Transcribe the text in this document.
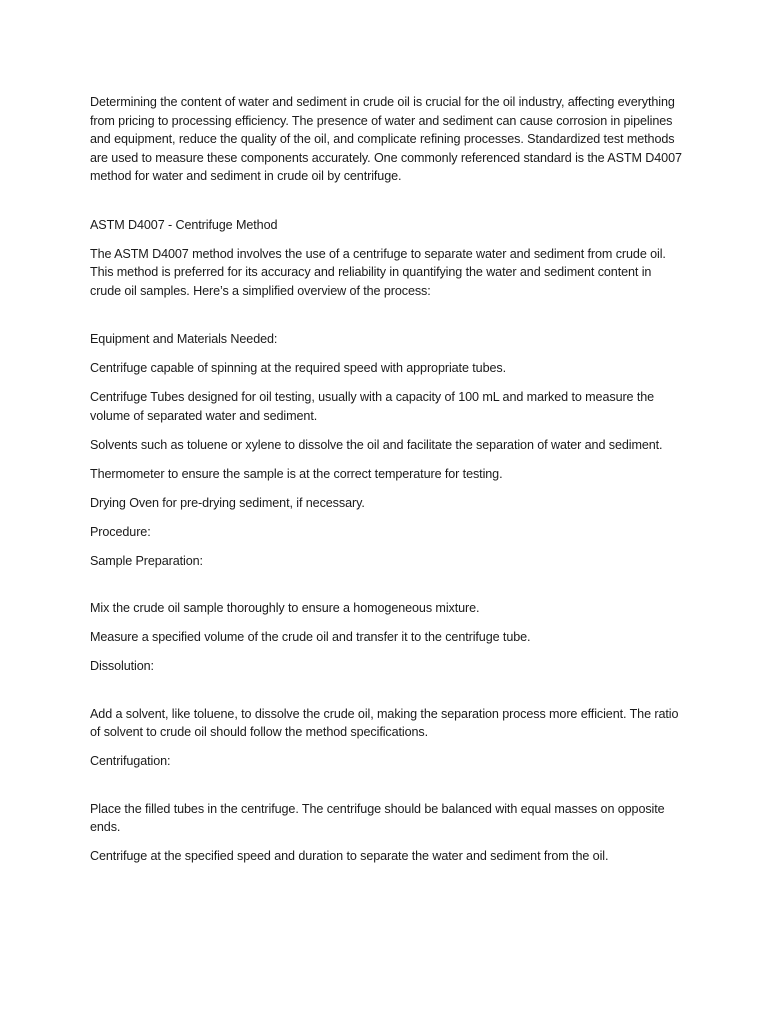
Determining the content of water and sediment in crude oil is crucial for the oil industry, affecting everything from pricing to processing efficiency. The presence of water and sediment can cause corrosion in pipelines and equipment, reduce the quality of the oil, and complicate refining processes. Standardized test methods are used to measure these components accurately. One commonly referenced standard is the ASTM D4007 method for water and sediment in crude oil by centrifuge.

ASTM D4007 - Centrifuge Method

The ASTM D4007 method involves the use of a centrifuge to separate water and sediment from crude oil. This method is preferred for its accuracy and reliability in quantifying the water and sediment content in crude oil samples. Here’s a simplified overview of the process:

Equipment and Materials Needed:

Centrifuge capable of spinning at the required speed with appropriate tubes.

Centrifuge Tubes designed for oil testing, usually with a capacity of 100 mL and marked to measure the volume of separated water and sediment.

Solvents such as toluene or xylene to dissolve the oil and facilitate the separation of water and sediment.

Thermometer to ensure the sample is at the correct temperature for testing.

Drying Oven for pre-drying sediment, if necessary.

Procedure:

Sample Preparation:

Mix the crude oil sample thoroughly to ensure a homogeneous mixture.

Measure a specified volume of the crude oil and transfer it to the centrifuge tube.

Dissolution:

Add a solvent, like toluene, to dissolve the crude oil, making the separation process more efficient. The ratio of solvent to crude oil should follow the method specifications.

Centrifugation:

Place the filled tubes in the centrifuge. The centrifuge should be balanced with equal masses on opposite ends.

Centrifuge at the specified speed and duration to separate the water and sediment from the oil.
